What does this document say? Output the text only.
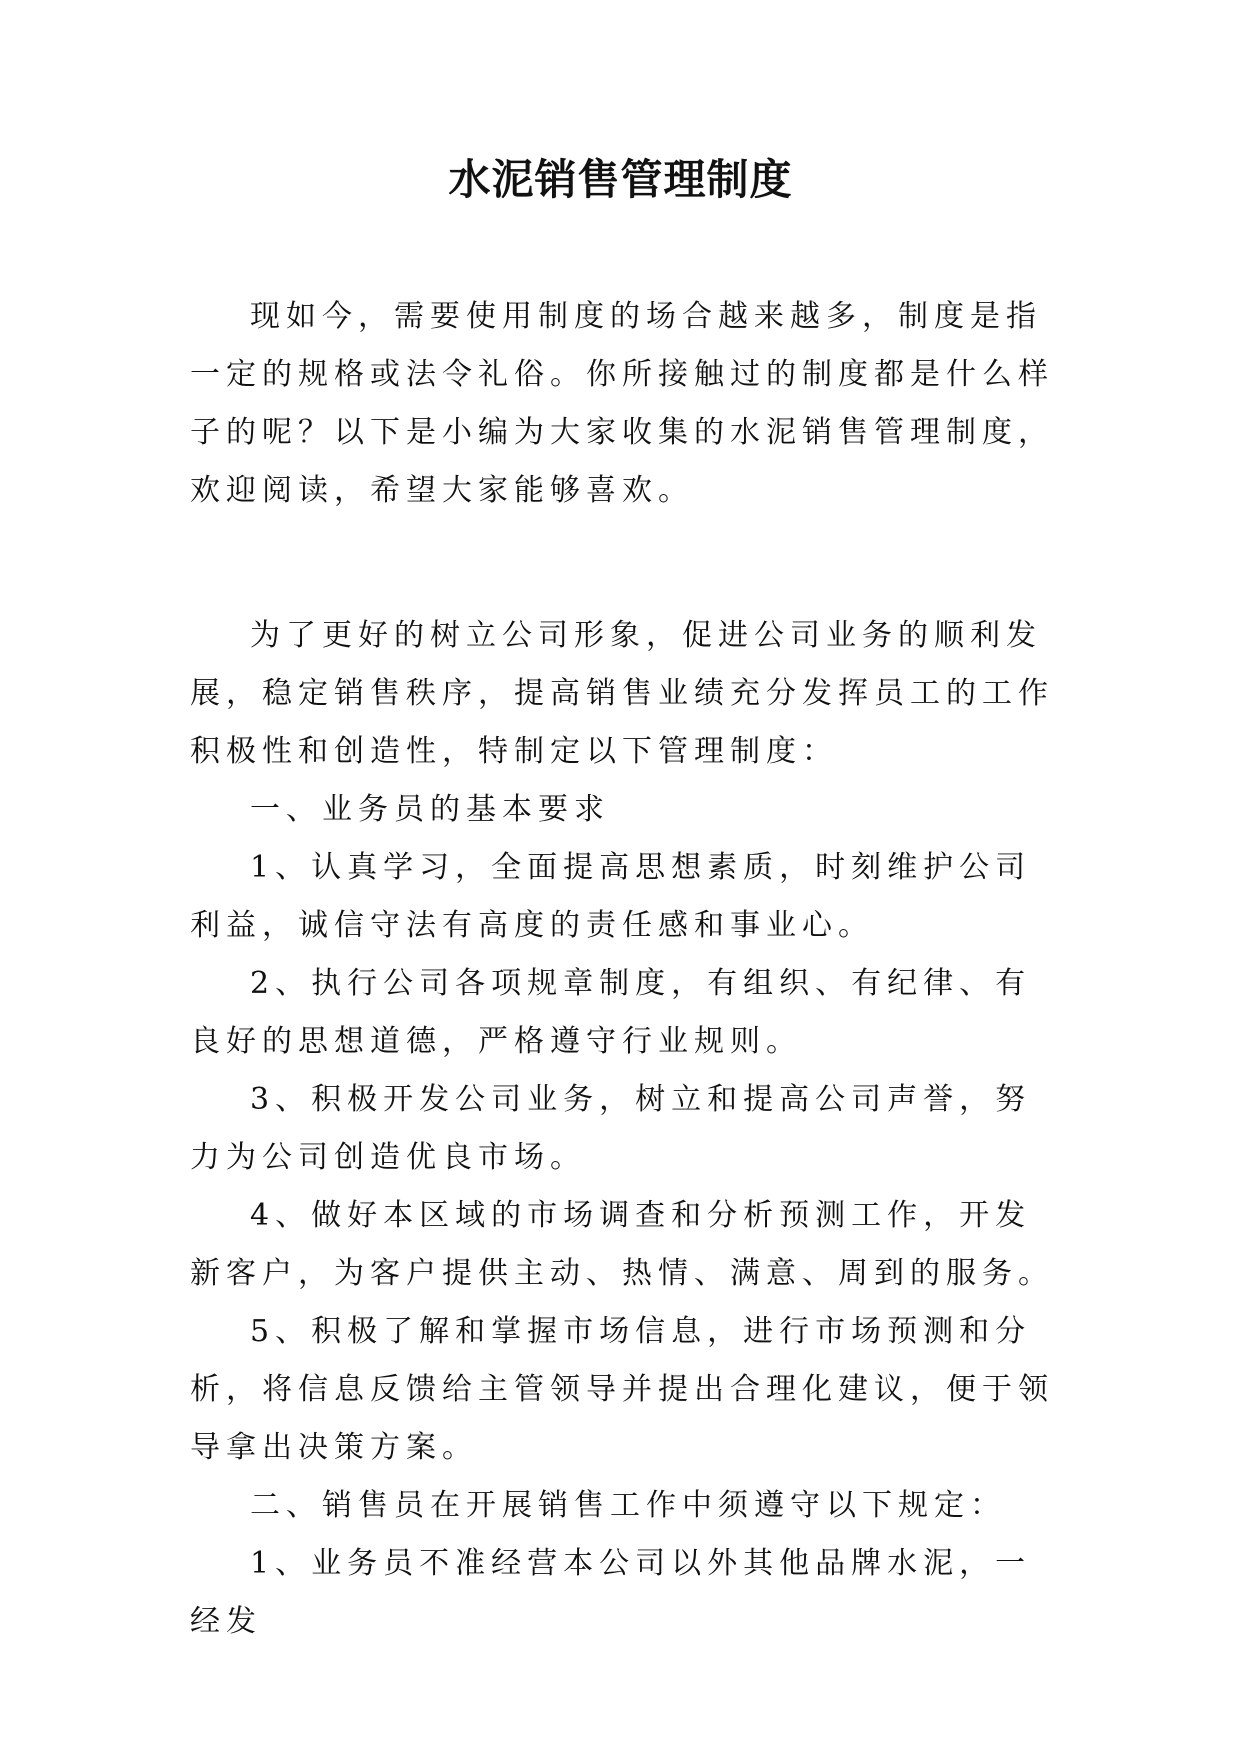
水泥销售管理制度

现如今，需要使用制度的场合越来越多，制度是指一定的规格或法令礼俗。你所接触过的制度都是什么样子的呢？以下是小编为大家收集的水泥销售管理制度，欢迎阅读，希望大家能够喜欢。

为了更好的树立公司形象，促进公司业务的顺利发展，稳定销售秩序，提高销售业绩充分发挥员工的工作积极性和创造性，特制定以下管理制度：

一、业务员的基本要求

1、认真学习，全面提高思想素质，时刻维护公司利益，诚信守法有高度的责任感和事业心。

2、执行公司各项规章制度，有组织、有纪律、有良好的思想道德，严格遵守行业规则。

3、积极开发公司业务，树立和提高公司声誉，努力为公司创造优良市场。

4、做好本区域的市场调查和分析预测工作，开发新客户，为客户提供主动、热情、满意、周到的服务。

5、积极了解和掌握市场信息，进行市场预测和分析，将信息反馈给主管领导并提出合理化建议，便于领导拿出决策方案。

二、销售员在开展销售工作中须遵守以下规定：

1、业务员不准经营本公司以外其他品牌水泥，一经发
